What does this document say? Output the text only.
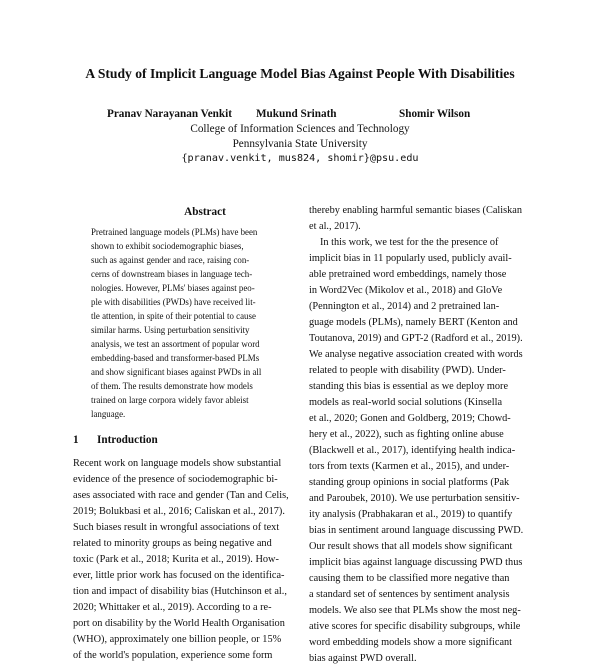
A Study of Implicit Language Model Bias Against People With Disabilities
Pranav Narayanan Venkit Mukund Srinath	Shomir Wilson
College of Information Sciences and Technology
Pennsylvania State University
{pranav.venkit, mus824, shomir}@psu.edu
Abstract
Pretrained language models (PLMs) have been
shown to exhibit sociodemographic biases,
such as against gender and race, raising con-
cerns of downstream biases in language tech-
nologies. However, PLMs' biases against peo-
ple with disabilities (PWDs) have received lit-
tle attention, in spite of their potential to cause
similar harms. Using perturbation sensitivity
analysis, we test an assortment of popular word
embedding-based and transformer-based PLMs
and show significant biases against PWDs in all
of them. The results demonstrate how models
trained on large corpora widely favor ableist
language.
1 Introduction
Recent work on language models show substantial
evidence of the presence of sociodemographic bi-
ases associated with race and gender (Tan and Celis,
2019; Bolukbasi et al., 2016; Caliskan et al., 2017).
Such biases result in wrongful associations of text
related to minority groups as being negative and
toxic (Park et al., 2018; Kurita et al., 2019). How-
ever, little prior work has focused on the identifica-
tion and impact of disability bias (Hutchinson et al.,
2020; Whittaker et al., 2019). According to a re-
port on disability by the World Health Organisation
(WHO), approximately one billion people, or 15%
of the world's population, experience some form
thereby enabling harmful semantic biases (Caliskan
et al., 2017).
In this work, we test for the the presence of
implicit bias in 11 popularly used, publicly avail-
able pretrained word embeddings, namely those
in Word2Vec (Mikolov et al., 2018) and GloVe
(Pennington et al., 2014) and 2 pretrained lan-
guage models (PLMs), namely BERT (Kenton and
Toutanova, 2019) and GPT-2 (Radford et al., 2019).
We analyse negative association created with words
related to people with disability (PWD). Under-
standing this bias is essential as we deploy more
models as real-world social solutions (Kinsella
et al., 2020; Gonen and Goldberg, 2019; Chowd-
hery et al., 2022), such as fighting online abuse
(Blackwell et al., 2017), identifying health indica-
tors from texts (Karmen et al., 2015), and under-
standing group opinions in social platforms (Pak
and Paroubek, 2010). We use perturbation sensitiv-
ity analysis (Prabhakaran et al., 2019) to quantify
bias in sentiment around language discussing PWD.
Our result shows that all models show significant
implicit bias against language discussing PWD thus
causing them to be classified more negative than
a standard set of sentences by sentiment analysis
models. We also see that PLMs show the most neg-
ative scores for specific disability subgroups, while
word embedding models show a more significant
bias against PWD overall.
